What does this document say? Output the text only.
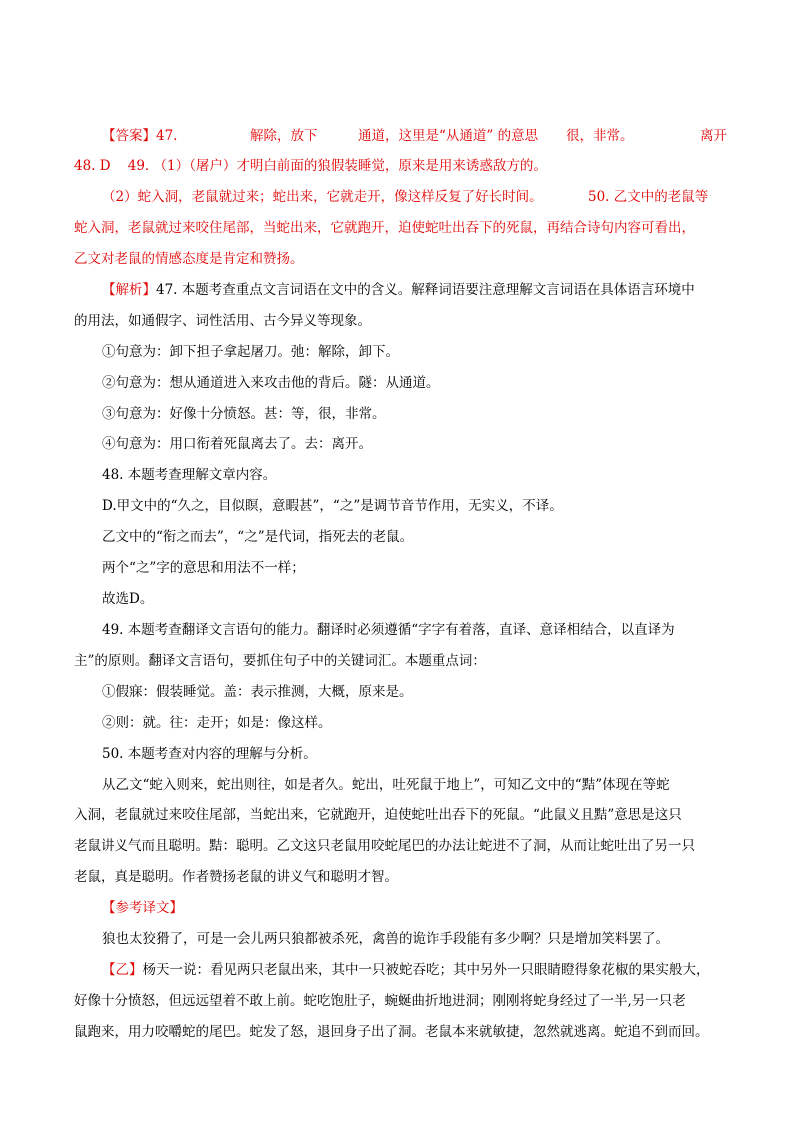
【答案】47.	解除，放下	通道，这里是“从通道” 的意思 很，非常。	离开
48. D    49. （1）（屠户）才明白前面的狼假装睡觉，原来是用来诱惑敌方的。
（2）蛇入洞，老鼠就过来；蛇出来，它就走开，像这样反复了好长时间。	50. 乙文中的老鼠等
蛇入洞，老鼠就过来咬住尾部，当蛇出来，它就跑开，迫使蛇吐出吞下的死鼠，再结合诗句内容可看出，
乙文对老鼠的情感态度是肯定和赞扬。
【解析】47. 本题考查重点文言词语在文中的含义。解释词语要注意理解文言词语在具体语言环境中
的用法，如通假字、词性活用、古今异义等现象。
①句意为：卸下担子拿起屠刀。弛：解除，卸下。
②句意为：想从通道进入来攻击他的背后。隧：从通道。
③句意为：好像十分愤怒。甚：等，很，非常。
④句意为：用口衔着死鼠离去了。去：离开。
48. 本题考查理解文章内容。
D.甲文中的“久之，目似瞑，意暇甚”，“之”是调节音节作用，无实义，不译。
乙文中的“衔之而去”，“之”是代词，指死去的老鼠。
两个“之”字的意思和用法不一样；
故选D。
49. 本题考查翻译文言语句的能力。翻译时必须遵循“字字有着落，直译、意译相结合，以直译为
主”的原则。翻译文言语句，要抓住句子中的关键词汇。本题重点词：
①假寐：假装睡觉。盖：表示推测，大概，原来是。
②则：就。往：走开；如是：像这样。
50. 本题考查对内容的理解与分析。
从乙文“蛇入则来，蛇出则往，如是者久。蛇出，吐死鼠于地上”，可知乙文中的“黠”体现在等蛇
入洞，老鼠就过来咬住尾部，当蛇出来，它就跑开，迫使蛇吐出吞下的死鼠。“此鼠义且黠”意思是这只
老鼠讲义气而且聪明。黠：聪明。乙文这只老鼠用咬蛇尾巴的办法让蛇进不了洞，从而让蛇吐出了另一只
老鼠，真是聪明。作者赞扬老鼠的讲义气和聪明才智。
【参考译文】
狼也太狡猾了，可是一会儿两只狼都被杀死，禽兽的诡诈手段能有多少啊？只是增加笑料罢了。
【乙】杨天一说：看见两只老鼠出来，其中一只被蛇吞吃；其中另外一只眼睛瞪得象花椒的果实般大，
好像十分愤怒，但远远望着不敢上前。蛇吃饱肚子，蜿蜒曲折地进洞；刚刚将蛇身经过了一半,另一只老
鼠跑来，用力咬嚼蛇的尾巴。蛇发了怒，退回身子出了洞。老鼠本来就敏捷，忽然就逃离。蛇追不到而回。
